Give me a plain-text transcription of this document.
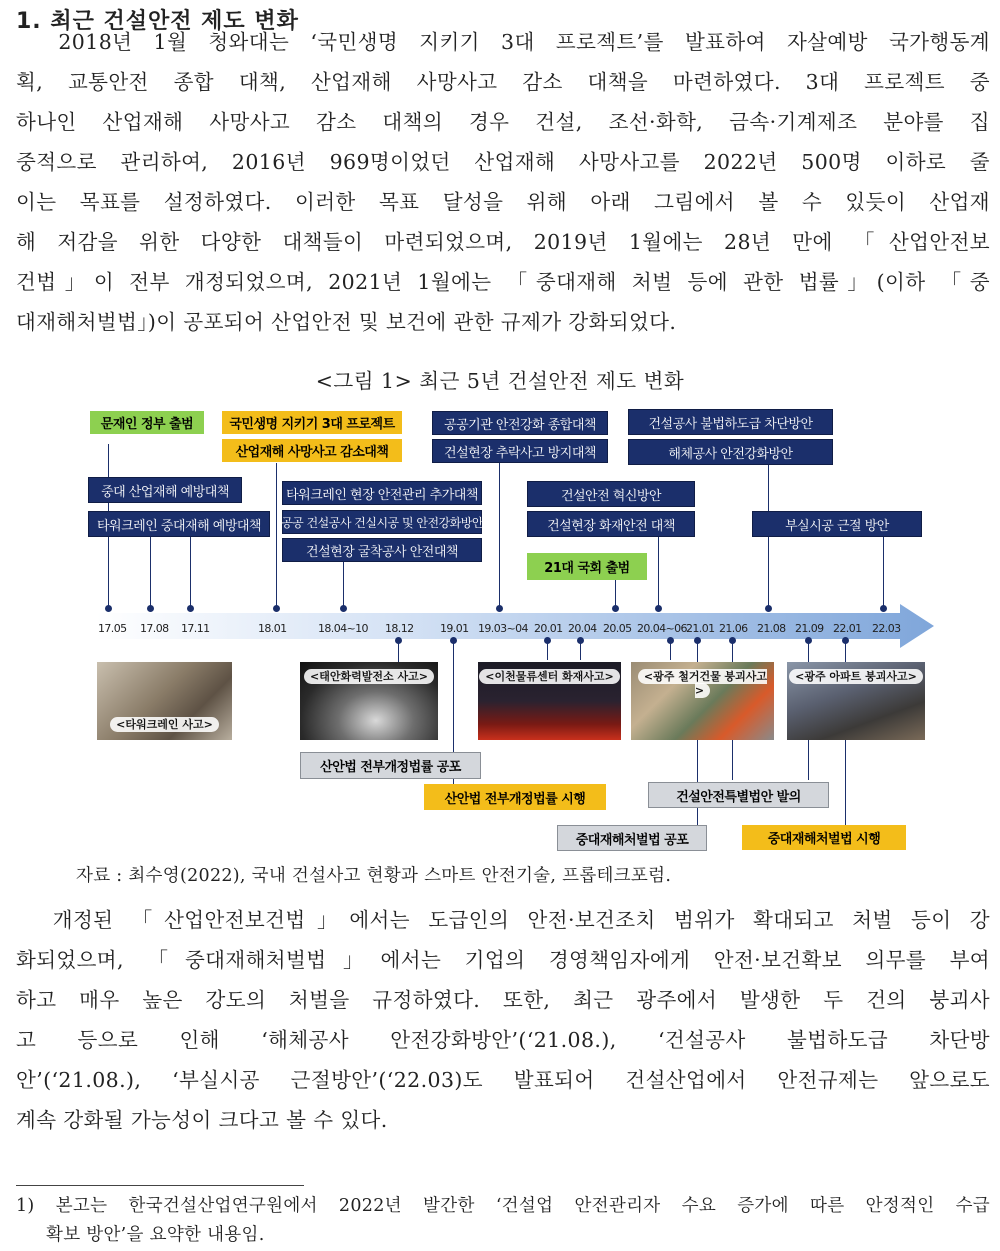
1. 최근 건설안전 제도 변화
2018년 1월 청와대는 ‘국민생명 지키기 3대 프로젝트’를 발표하여 자살예방 국가행동계
획, 교통안전 종합 대책, 산업재해 사망사고 감소 대책을 마련하였다. 3대 프로젝트 중
하나인 산업재해 사망사고 감소 대책의 경우 건설, 조선·화학, 금속·기계제조 분야를 집
중적으로 관리하여, 2016년 969명이었던 산업재해 사망사고를 2022년 500명 이하로 줄
이는 목표를 설정하였다. 이러한 목표 달성을 위해 아래 그림에서 볼 수 있듯이 산업재
해 저감을 위한 다양한 대책들이 마련되었으며, 2019년 1월에는 28년 만에 「산업안전보
건법」이 전부 개정되었으며, 2021년 1월에는 「중대재해 처벌 등에 관한 법률」(이하 「중
대재해처벌법」)이 공포되어 산업안전 및 보건에 관한 규제가 강화되었다.
<그림 1> 최근 5년 건설안전 제도 변화
17.05 17.08 17.11	18.01	18.04~10 18.12 19.01 19.03~04 20.01 20.04 20.05 20.04~06 21.01 21.06 21.08 21.09 22.01 22.03
문재인 정부 출범	국민생명 지키기 3대 프로젝트
산업재해 사망사고 감소대책
중대 산업재해 예방대책
타워크레인 중대재해 예방대책
타워크레인 현장 안전관리 추가대책
공공 건설공사 건실시공 및 안전강화방안
건설현장 굴착공사 안전대책
공공기관 안전강화 종합대책
건설현장 추락사고 방지대책
건설안전 혁신방안
건설현장 화재안전 대책
21대 국회 출범
건설공사 불법하도급 차단방안
해체공사 안전강화방안
부실시공 근절 방안
<타워크레인 사고>
<태안화력발전소 사고>	<이천물류센터 화재사고>	<광주 철거건물 붕괴사고>
<광주 아파트 붕괴사고>
산안법 전부개정법률 공포
산안법 전부개정법률 시행	건설안전특별법안 발의
중대재해처벌법 공포	중대재해처벌법 시행
자료 : 최수영(2022), 국내 건설사고 현황과 스마트 안전기술, 프롭테크포럼.
개정된 「산업안전보건법」에서는 도급인의 안전·보건조치 범위가 확대되고 처벌 등이 강
화되었으며, 「중대재해처벌법」에서는 기업의 경영책임자에게 안전·보건확보 의무를 부여
하고 매우 높은 강도의 처벌을 규정하였다. 또한, 최근 광주에서 발생한 두 건의 붕괴사
고 등으로 인해 ‘해체공사 안전강화방안’(‘21.08.), ‘건설공사 불법하도급 차단방
안’(‘21.08.), ‘부실시공 근절방안’(‘22.03)도 발표되어 건설산업에서 안전규제는 앞으로도
계속 강화될 가능성이 크다고 볼 수 있다.
1) 본고는 한국건설산업연구원에서 2022년 발간한 ‘건설업 안전관리자 수요 증가에 따른 안정적인 수급
확보 방안’을 요약한 내용임.
